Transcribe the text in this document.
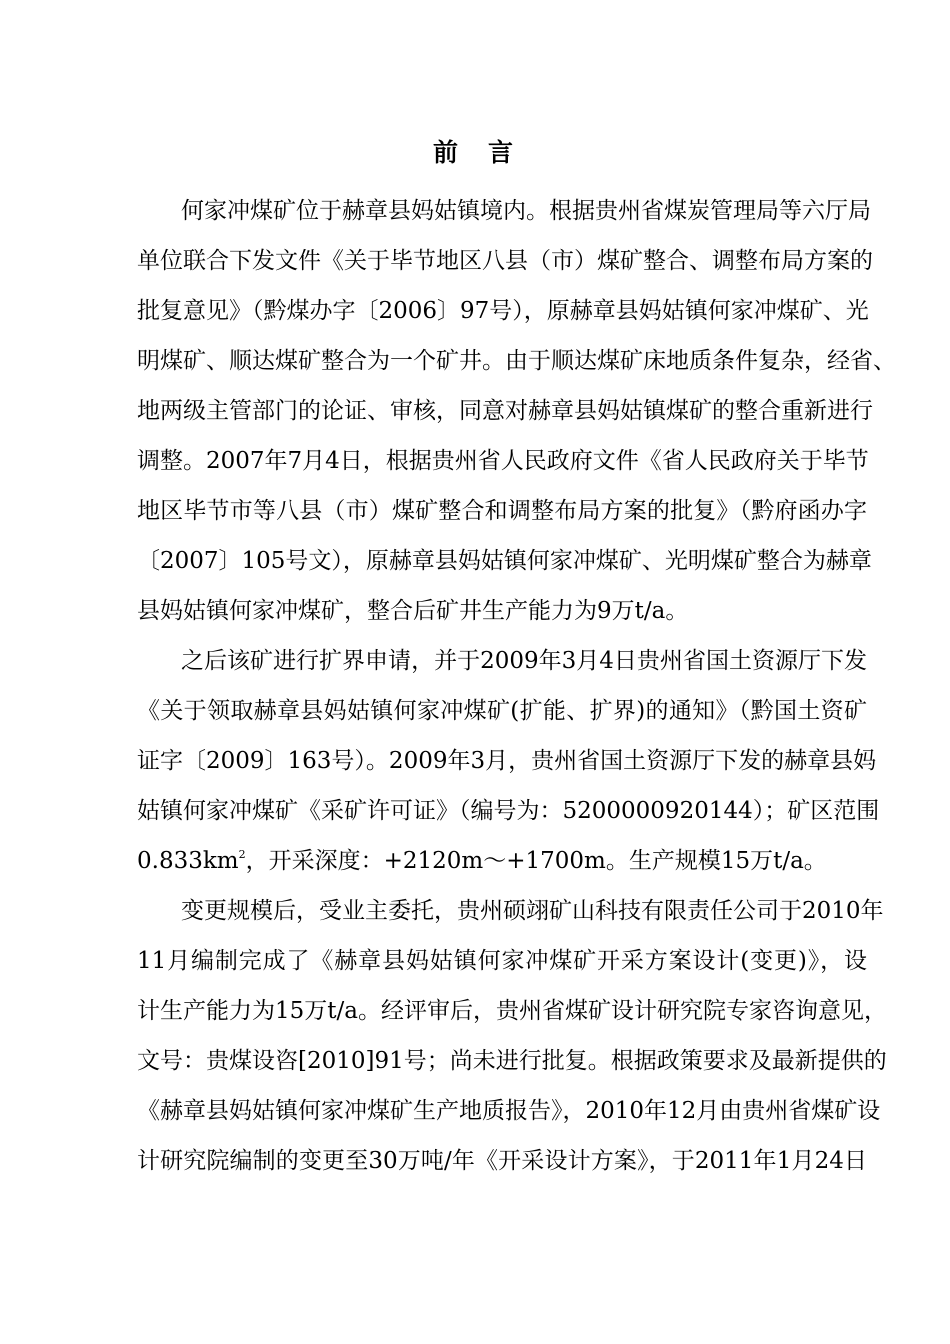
前言
何家冲煤矿位于赫章县妈姑镇境内。根据贵州省煤炭管理局等六厅局
单位联合下发文件《关于毕节地区八县（市）煤矿整合、调整布局方案的
批复意见》（黔煤办字〔2006〕97号），原赫章县妈姑镇何家冲煤矿、光
明煤矿、顺达煤矿整合为一个矿井。由于顺达煤矿床地质条件复杂，经省、
地两级主管部门的论证、审核，同意对赫章县妈姑镇煤矿的整合重新进行
调整。2007年7月4日，根据贵州省人民政府文件《省人民政府关于毕节
地区毕节市等八县（市）煤矿整合和调整布局方案的批复》（黔府函办字
〔2007〕105号文），原赫章县妈姑镇何家冲煤矿、光明煤矿整合为赫章
县妈姑镇何家冲煤矿，整合后矿井生产能力为9万t/a。
之后该矿进行扩界申请，并于2009年3月4日贵州省国土资源厅下发
《关于领取赫章县妈姑镇何家冲煤矿(扩能、扩界)的通知》（黔国土资矿
证字〔2009〕163号）。2009年3月，贵州省国土资源厅下发的赫章县妈
姑镇何家冲煤矿《采矿许可证》（编号为：5200000920144）；矿区范围
$0.833km^2$，开采深度：+2120m～+1700m。生产规模15万t/a。
变更规模后，受业主委托，贵州硕翊矿山科技有限责任公司于2010年
11月编制完成了《赫章县妈姑镇何家冲煤矿开采方案设计(变更)》，设
计生产能力为15万t/a。经评审后，贵州省煤矿设计研究院专家咨询意见，
文号：贵煤设咨[2010]91号；尚未进行批复。根据政策要求及最新提供的
《赫章县妈姑镇何家冲煤矿生产地质报告》，2010年12月由贵州省煤矿设
计研究院编制的变更至30万吨/年《开采设计方案》，于2011年1月24日
